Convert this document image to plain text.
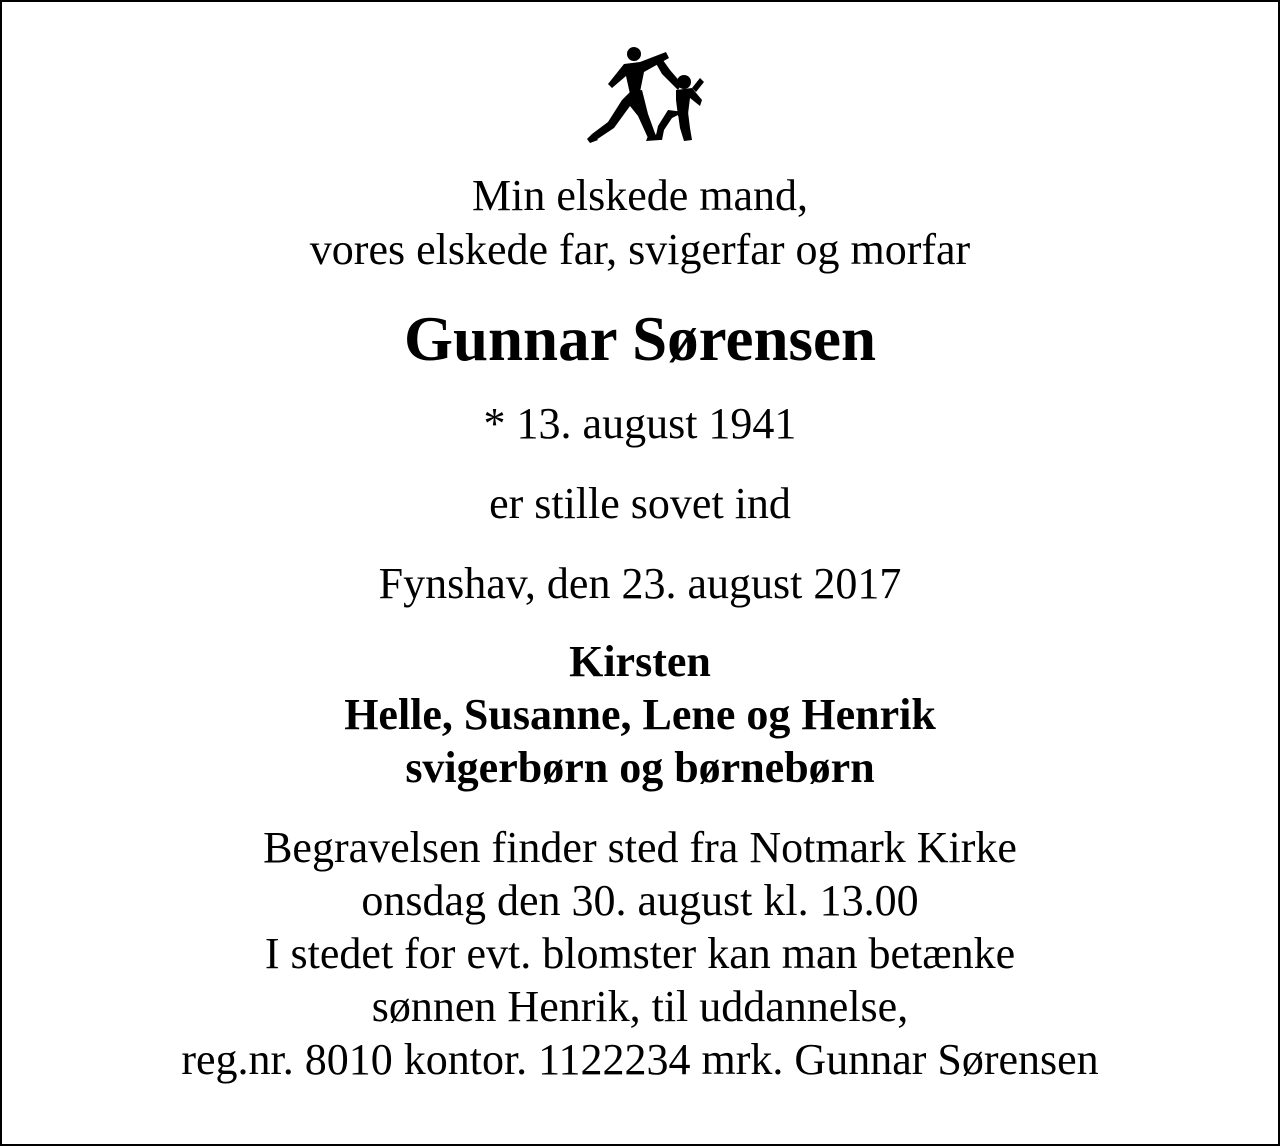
Min elskede mand,
vores elskede far, svigerfar og morfar
Gunnar Sørensen
* 13. august 1941
er stille sovet ind
Fynshav, den 23. august 2017
Kirsten
Helle, Susanne, Lene og Henrik
svigerbørn og børnebørn
Begravelsen finder sted fra Notmark Kirke
onsdag den 30. august kl. 13.00
I stedet for evt. blomster kan man betænke
sønnen Henrik, til uddannelse,
reg.nr. 8010 kontor. 1122234 mrk. Gunnar Sørensen
